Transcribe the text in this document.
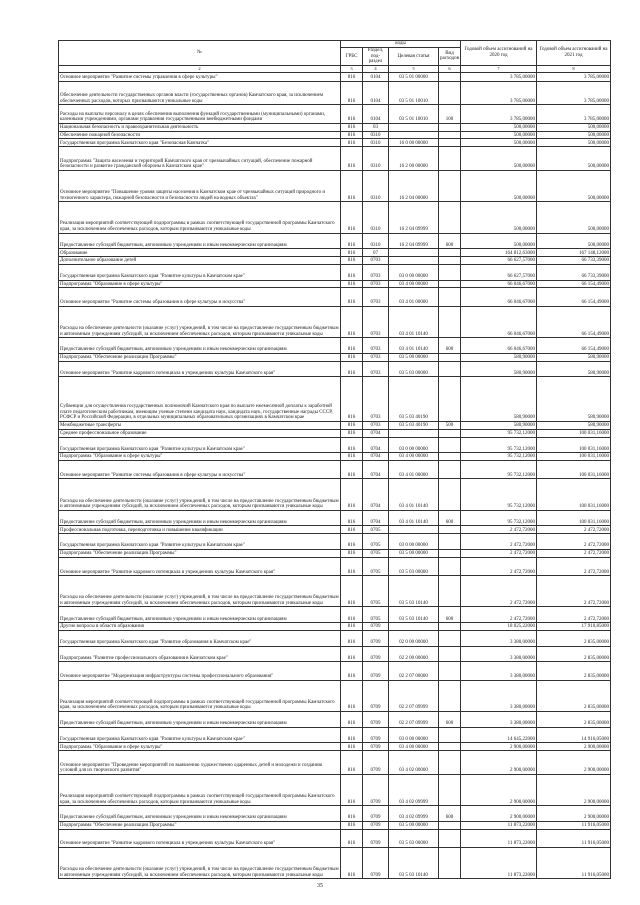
№	коды				Годовой объем ассигнований на 2020 год	Годовой объем ассигнований на 2021 год
	ГРБС	Раздел, под-раздел	Целевая статья	Вид расходов		
2	3	4	5	6	7	8
Основное мероприятие "Развитие системы управления в сфере культуры"	816	0104	03 5 01 00000		3 785,00000	3 785,00000
Обеспечение деятельности государственных органов власти (государственных органов) Камчатского края, за исключением обеспеченных расходов, которых присваиваются уникальные коды	816	0104	03 5 01 10010		3 785,00000	3 785,00000
Расходы на выплаты персоналу в целях обеспечения выполнения функций государственными (муниципальными) органами, казенными учреждениями, органами управления государственными внебюджетными фондами	816	0104	03 5 01 10010	100	3 785,00000	3 785,00000
Национальная безопасность и правоохранительная деятельность	816	03			500,00000	500,00000
Обеспечение пожарной безопасности	816	0310			500,00000	500,00000
Государственная программа Камчатского края "Безопасная Камчатка"	816	0310	16 0 00 00000		500,00000	500,00000
Подпрограмма "Защита населения и территорий Камчатского края от чрезвычайных ситуаций, обеспечение пожарной безопасности и развитие гражданской обороны в Камчатском крае"	816	0310	16 2 00 00000		500,00000	500,00000
Основное мероприятие "Повышение уровня защиты населения в Камчатском крае от чрезвычайных ситуаций природного и техногенного характера, пожарной безопасности и безопасности людей на водных объектах"	816	0310	16 2 04 00000		500,00000	500,00000
Реализация мероприятий соответствующей подпрограммы в рамках соответствующей государственной программы Камчатского края, за исключением обеспеченных расходов, которым присваиваются уникальные коды	816	0310	16 2 04 09999		500,00000	500,00000
Предоставление субсидий бюджетным, автономным учреждениям и иным некоммерческим организациям	816	0310	16 2 04 09999	600	500,00000	500,00000
Образование	816	07			164 812,63000	167 148,12000
Дополнительное образование детей	816	0703			66 627,57000	66 733,39000
Государственная программа Камчатского края "Развитие культуры в Камчатском крае"	816	0703	03 0 00 00000		66 627,57000	66 733,39000
Подпрограмма "Образование в сфере культуры"	816	0703	03 4 00 00000		66 046,67000	66 154,49000
Основное мероприятие "Развитие системы образования в сфере культуры и искусства"	816	0703	03 4 01 00000		66 046,67000	66 154,49000
Расходы на обеспечение деятельности (оказание услуг) учреждений, в том числе на предоставление государственным бюджетным и автономным учреждениям субсидий, за исключением обеспеченных расходов, которым присваиваются уникальные коды	816	0703	03 4 01 10140		66 046,67000	66 154,49000
Предоставление субсидий бюджетным, автономным учреждениям и иным некоммерческим организациям	816	0703	03 4 01 10140	600	66 046,67000	66 154,49000
Подпрограмма "Обеспечение реализации Программы"	816	0703	03 5 00 00000		580,90000	580,90000
Основное мероприятие "Развитие кадрового потенциала в учреждениях культуры Камчатского края"	816	0703	03 5 03 00000		580,90000	580,90000
Субвенции для осуществления государственных полномочий Камчатского края по выплате ежемесячной доплаты к заработной плате педагогическим работникам, имеющим ученые степени кандидата наук, кандидата наук, государственные награды СССР, РСФСР и Российской Федерации, в отдельных муниципальных образовательных организациях в Камчатском крае	816	0703	03 5 03 40190		580,90000	580,90000
Межбюджетные трансферты	816	0703	03 5 03 40190	500	580,90000	580,90000
Среднее профессиональное образование	816	0704			95 732,12000	100 031,16000
Государственная программа Камчатского края "Развитие культуры в Камчатском крае"	816	0704	03 0 00 00000		95 732,12000	100 031,16000
Подпрограмма "Образование в сфере культуры"	816	0704	03 4 00 00000		95 732,12000	100 031,16000
Основное мероприятие "Развитие системы образования в сфере культуры и искусства"	816	0704	03 4 01 00000		95 732,12000	100 031,16000
Расходы на обеспечение деятельности (оказание услуг) учреждений, в том числе на предоставление государственным бюджетным и автономным учреждениям субсидий, за исключением обеспеченных расходов, которым присваиваются уникальные коды	816	0704	03 4 01 10140		95 732,12000	100 031,16000
Предоставление субсидий бюджетным, автономным учреждениям и иным некоммерческим организациям	816	0704	03 4 01 10140	600	95 732,12000	100 031,16000
Профессиональная подготовка, переподготовка и повышение квалификации	816	0705			2 472,72000	2 472,72000
Государственная программа Камчатского края "Развитие культуры в Камчатском крае"	816	0705	03 0 00 00000		2 472,72000	2 472,72000
Подпрограмма "Обеспечение реализации Программы"	816	0705	03 5 00 00000		2 472,72000	2 472,72000
Основное мероприятие "Развитие кадрового потенциала в учреждениях культуры Камчатского края"	816	0705	03 5 03 00000		2 472,72000	2 472,72000
Расходы на обеспечение деятельности (оказание услуг) учреждений, в том числе на предоставление государственным бюджетным и автономным учреждениям субсидий, за исключением обеспеченных расходов, которым присваиваются уникальные коды	816	0705	03 5 03 10140		2 472,72000	2 472,72000
Предоставление субсидий бюджетным, автономным учреждениям и иным некоммерческим организациям	816	0705	03 5 03 10140	600	2 472,72000	2 472,72000
Другие вопросы в области образования	816	0709			18 025,22000	17 910,85000
Государственная программа Камчатского края "Развитие образования в Камчатском крае"	816	0709	02 0 00 00000		3 380,00000	2 835,00000
Подпрограмма "Развитие профессионального образования в Камчатском крае"	816	0709	02 2 00 00000		3 380,00000	2 835,00000
Основное мероприятие "Модернизация инфраструктуры системы профессионального образования"	816	0709	02 2 07 00000		3 380,00000	2 835,00000
Реализация мероприятий соответствующей подпрограммы в рамках соответствующей государственной программы Камчатского края, за исключением обеспеченных расходов, которым присваиваются уникальные коды	816	0709	02 2 07 09999		3 380,00000	2 835,00000
Предоставление субсидий бюджетным, автономным учреждениям и иным некоммерческим организациям	816	0709	02 2 07 09999	600	3 380,00000	2 835,00000
Государственная программа Камчатского края "Развитие культуры в Камчатском крае"	816	0709	03 0 00 00000		14 645,22000	14 916,05000
Подпрограмма "Образование в сфере культуры"	816	0709	03 4 00 00000		2 900,00000	2 900,00000
Основное мероприятие "Проведение мероприятий по выявлению художественно одаренных детей и молодежи и созданию условий для их творческого развития"	816	0709	03 4 02 00000		2 900,00000	2 900,00000
Реализация мероприятий соответствующей подпрограммы в рамках соответствующей государственной программы Камчатского края, за исключением обеспеченных расходов, которым присваиваются уникальные коды	816	0709	03 4 02 09999		2 900,00000	2 900,00000
Предоставление субсидий бюджетным, автономным учреждениям и иным некоммерческим организациям	816	0709	03 4 02 09999	600	2 900,00000	2 900,00000
Подпрограмма "Обеспечение реализации Программы"	816	0709	03 5 00 00000		11 873,22000	11 916,05000
Основное мероприятие "Развитие кадрового потенциала в учреждениях культуры Камчатского края"	816	0709	03 5 03 00000		11 873,22000	11 916,05000
Расходы на обеспечение деятельности (оказание услуг) учреждений, в том числе на предоставление государственным бюджетным и автономным учреждениям субсидий, за исключением обеспеченных расходов, которым присваиваются уникальные коды	816	0709	03 5 03 10140		11 873,22000	11 916,05000
35
